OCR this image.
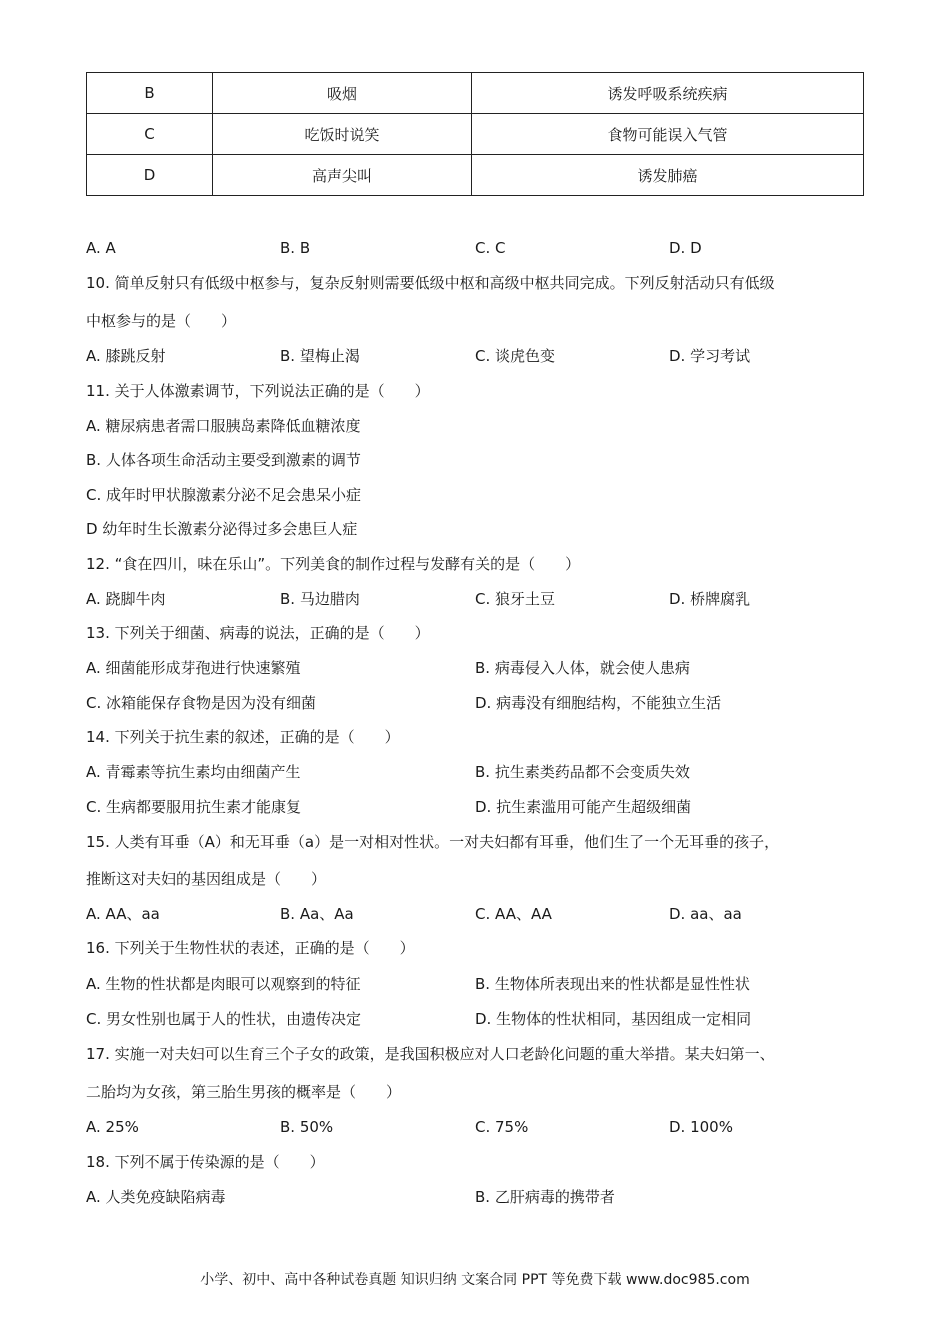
B	吸烟	诱发呼吸系统疾病
C	吃饭时说笑	食物可能误入气管
D	高声尖叫	诱发肺癌
A. A	B. B	C. C	D. D
10. 简单反射只有低级中枢参与，复杂反射则需要低级中枢和高级中枢共同完成。下列反射活动只有低级
中枢参与的是（　　）
A. 膝跳反射	B. 望梅止渴	C. 谈虎色变	D. 学习考试
11. 关于人体激素调节，下列说法正确的是（　　）
A. 糖尿病患者需口服胰岛素降低血糖浓度
B. 人体各项生命活动主要受到激素的调节
C. 成年时甲状腺激素分泌不足会患呆小症
D 幼年时生长激素分泌得过多会患巨人症
12. “食在四川，味在乐山”。下列美食的制作过程与发酵有关的是（　　）
A. 跷脚牛肉	B. 马边腊肉	C. 狼牙土豆	D. 桥牌腐乳
13. 下列关于细菌、病毒的说法，正确的是（　　）
A. 细菌能形成芽孢进行快速繁殖	B. 病毒侵入人体，就会使人患病
C. 冰箱能保存食物是因为没有细菌	D. 病毒没有细胞结构，不能独立生活
14. 下列关于抗生素的叙述，正确的是（　　）
A. 青霉素等抗生素均由细菌产生	B. 抗生素类药品都不会变质失效
C. 生病都要服用抗生素才能康复	D. 抗生素滥用可能产生超级细菌
15. 人类有耳垂（A）和无耳垂（a）是一对相对性状。一对夫妇都有耳垂，他们生了一个无耳垂的孩子，
推断这对夫妇的基因组成是（　　）
A. AA、aa	B. Aa、Aa	C. AA、AA	D. aa、aa
16. 下列关于生物性状的表述，正确的是（　　）
A. 生物的性状都是肉眼可以观察到的特征	B. 生物体所表现出来的性状都是显性性状
C. 男女性别也属于人的性状，由遗传决定	D. 生物体的性状相同，基因组成一定相同
17. 实施一对夫妇可以生育三个子女的政策，是我国积极应对人口老龄化问题的重大举措。某夫妇第一、
二胎均为女孩，第三胎生男孩的概率是（　　）
A. 25%	B. 50%	C. 75%	D. 100%
18. 下列不属于传染源的是（　　）
A. 人类免疫缺陷病毒	B. 乙肝病毒的携带者
小学、初中、高中各种试卷真题 知识归纳 文案合同 PPT 等免费下载 www.doc985.com
